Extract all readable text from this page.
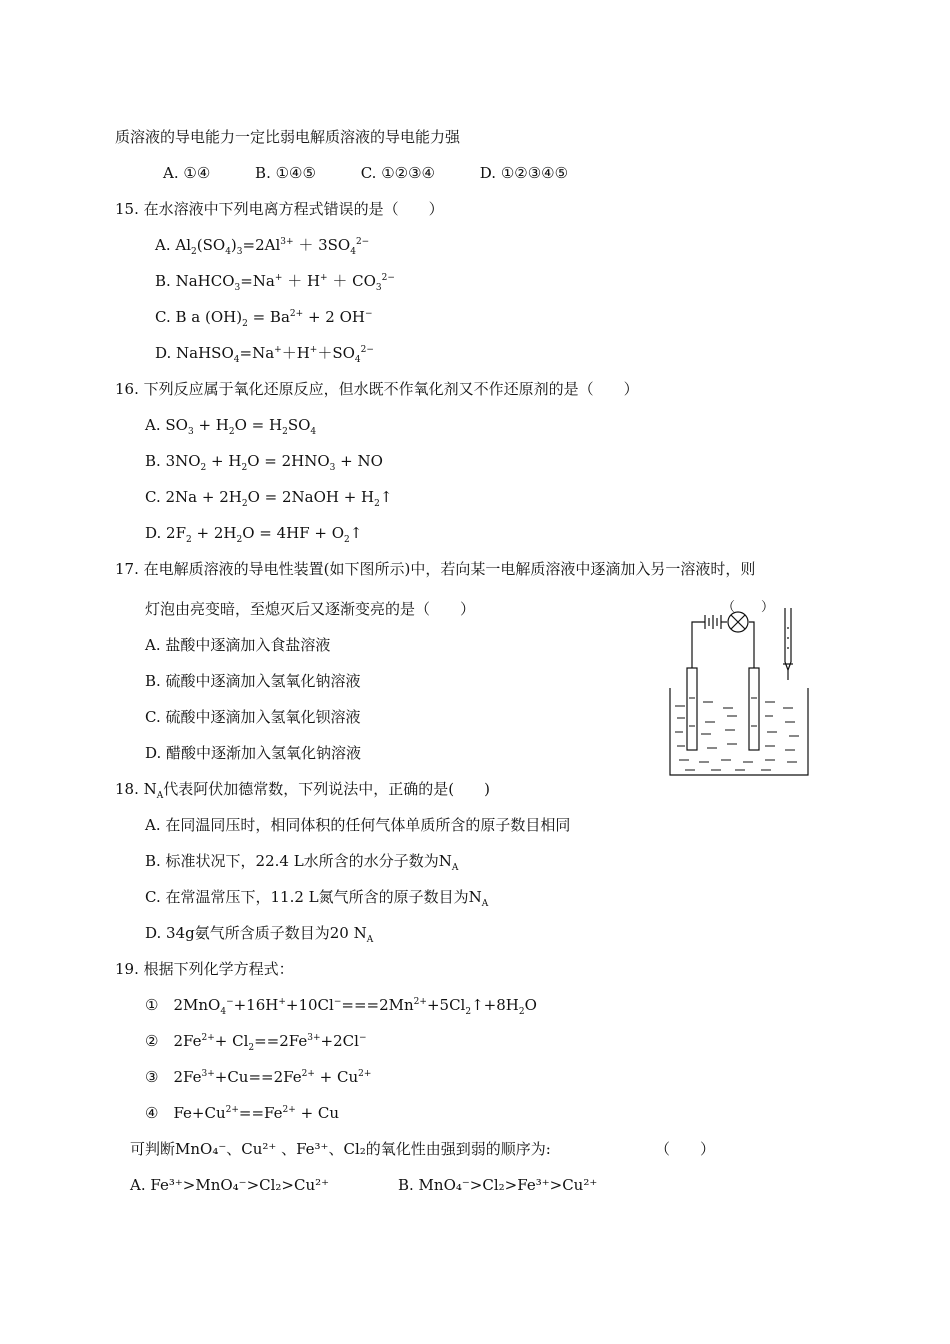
质溶液的导电能力一定比弱电解质溶液的导电能力强
A. ①④	B. ①④⑤	C. ①②③④	D. ①②③④⑤
15. 在水溶液中下列电离方程式错误的是（　　）
A. $Al_2(SO_4)_3=2Al^{3+} + 3SO_4^{2-}$
B. NaHCO$_3$=Na+ ＋ $H^+ + CO_3^{2-}$
C. B a $(OH)_2 = Ba^{2+} + 2$ OH−
D. $NaHSO_4=Na^++H^++SO_4^{2-}$
16. 下列反应属于氧化还原反应，但水既不作氧化剂又不作还原剂的是（　　）
A. $SO_3 + H_2O = H_2SO_4$
B. $3NO_2 + H_2O = 2HNO_3$ + NO
C. $2Na + 2H_2O$ = 2NaOH + $H_2↑$
D. $2F_2 + 2H_2O = 4HF$ + $O_2↑$
17. 在电解质溶液的导电性装置(如下图所示)中，若向某一电解质溶液中逐滴加入另一溶液时，则
灯泡由亮变暗，至熄灭后又逐渐变亮的是（　　）	（　　）
A. 盐酸中逐滴加入食盐溶液
B. 硫酸中逐滴加入氢氧化钠溶液
C. 硫酸中逐滴加入氢氧化钡溶液
D. 醋酸中逐渐加入氢氧化钠溶液
18. $N_A$代表阿伏加德常数，下列说法中，正确的是(　　)
A. 在同温同压时，相同体积的任何气体单质所含的原子数目相同
B. 标准状况下，22.4 L水所含的水分子数为$N_A$
C. 在常温常压下，11.2 L氮气所含的原子数目为$N_A$
D. 34g氨气所含质子数目为20 $N_A$
19. 根据下列化学方程式：
①　$2MnO_4^-+16H^++10Cl^-===2Mn^{2+}+5Cl_2↑+8H_2O$
②　$2Fe^{2+}+ Cl_2==2Fe^{3+}+2Cl^-$
③　$2Fe^{3+}+Cu==2Fe^{2+} + Cu^{2+}$
④　$Fe+Cu^{2+}==Fe^{2+} + Cu$
可判断MnO₄⁻、Cu²⁺ 、Fe³⁺、Cl₂的氧化性由强到弱的顺序为:	（　　）
A. Fe³⁺>MnO₄⁻>Cl₂>Cu²⁺	B. MnO₄⁻>Cl₂>Fe³⁺>Cu²⁺
